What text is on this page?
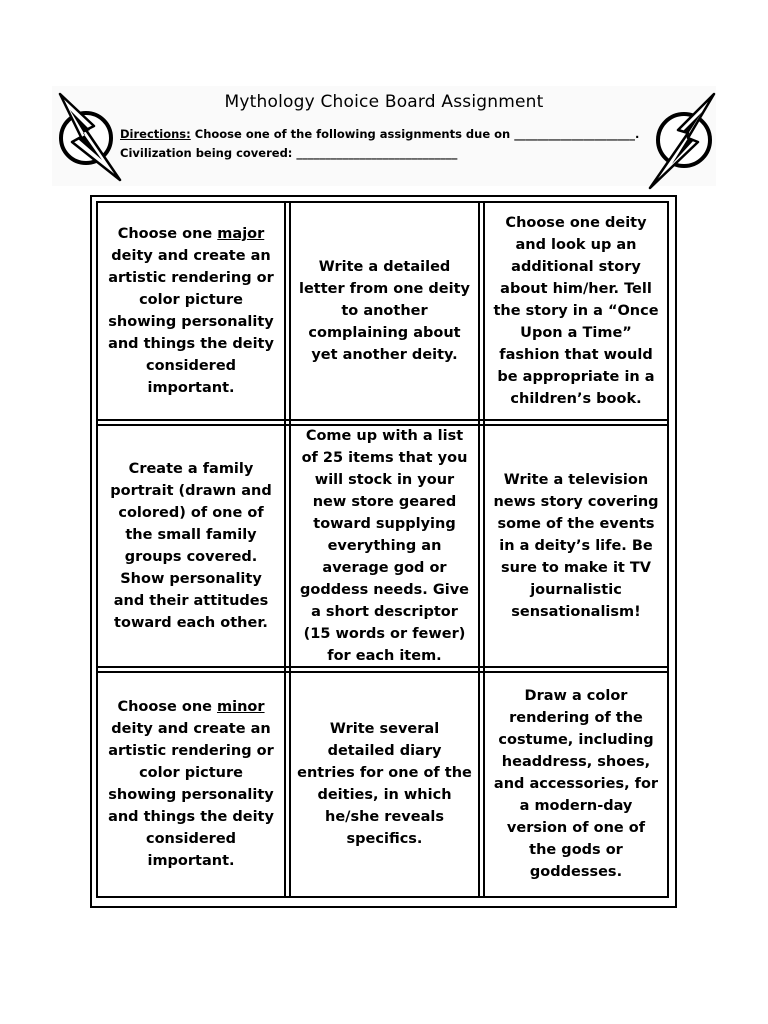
Mythology Choice Board Assignment
Directions: Choose one of the following assignments due on _____________________.
Civilization being covered: ____________________________
Choose one major deity and create an artistic rendering or color picture showing personality and things the deity considered important.
Write a detailed letter from one deity to another complaining about yet another deity.
Choose one deity and look up an additional story about him/her. Tell the story in a “Once Upon a Time” fashion that would be appropriate in a children’s book.
Create a family portrait (drawn and colored) of one of the small family groups covered. Show personality and their attitudes toward each other.
Come up with a list of 25 items that you will stock in your new store geared toward supplying everything an average god or goddess needs. Give a short descriptor (15 words or fewer) for each item.
Write a television news story covering some of the events in a deity’s life. Be sure to make it TV journalistic sensationalism!
Choose one minor deity and create an artistic rendering or color picture showing personality and things the deity considered important.
Write several detailed diary entries for one of the deities, in which he/she reveals specifics.
Draw a color rendering of the costume, including headdress, shoes, and accessories, for a modern-day version of one of the gods or goddesses.
